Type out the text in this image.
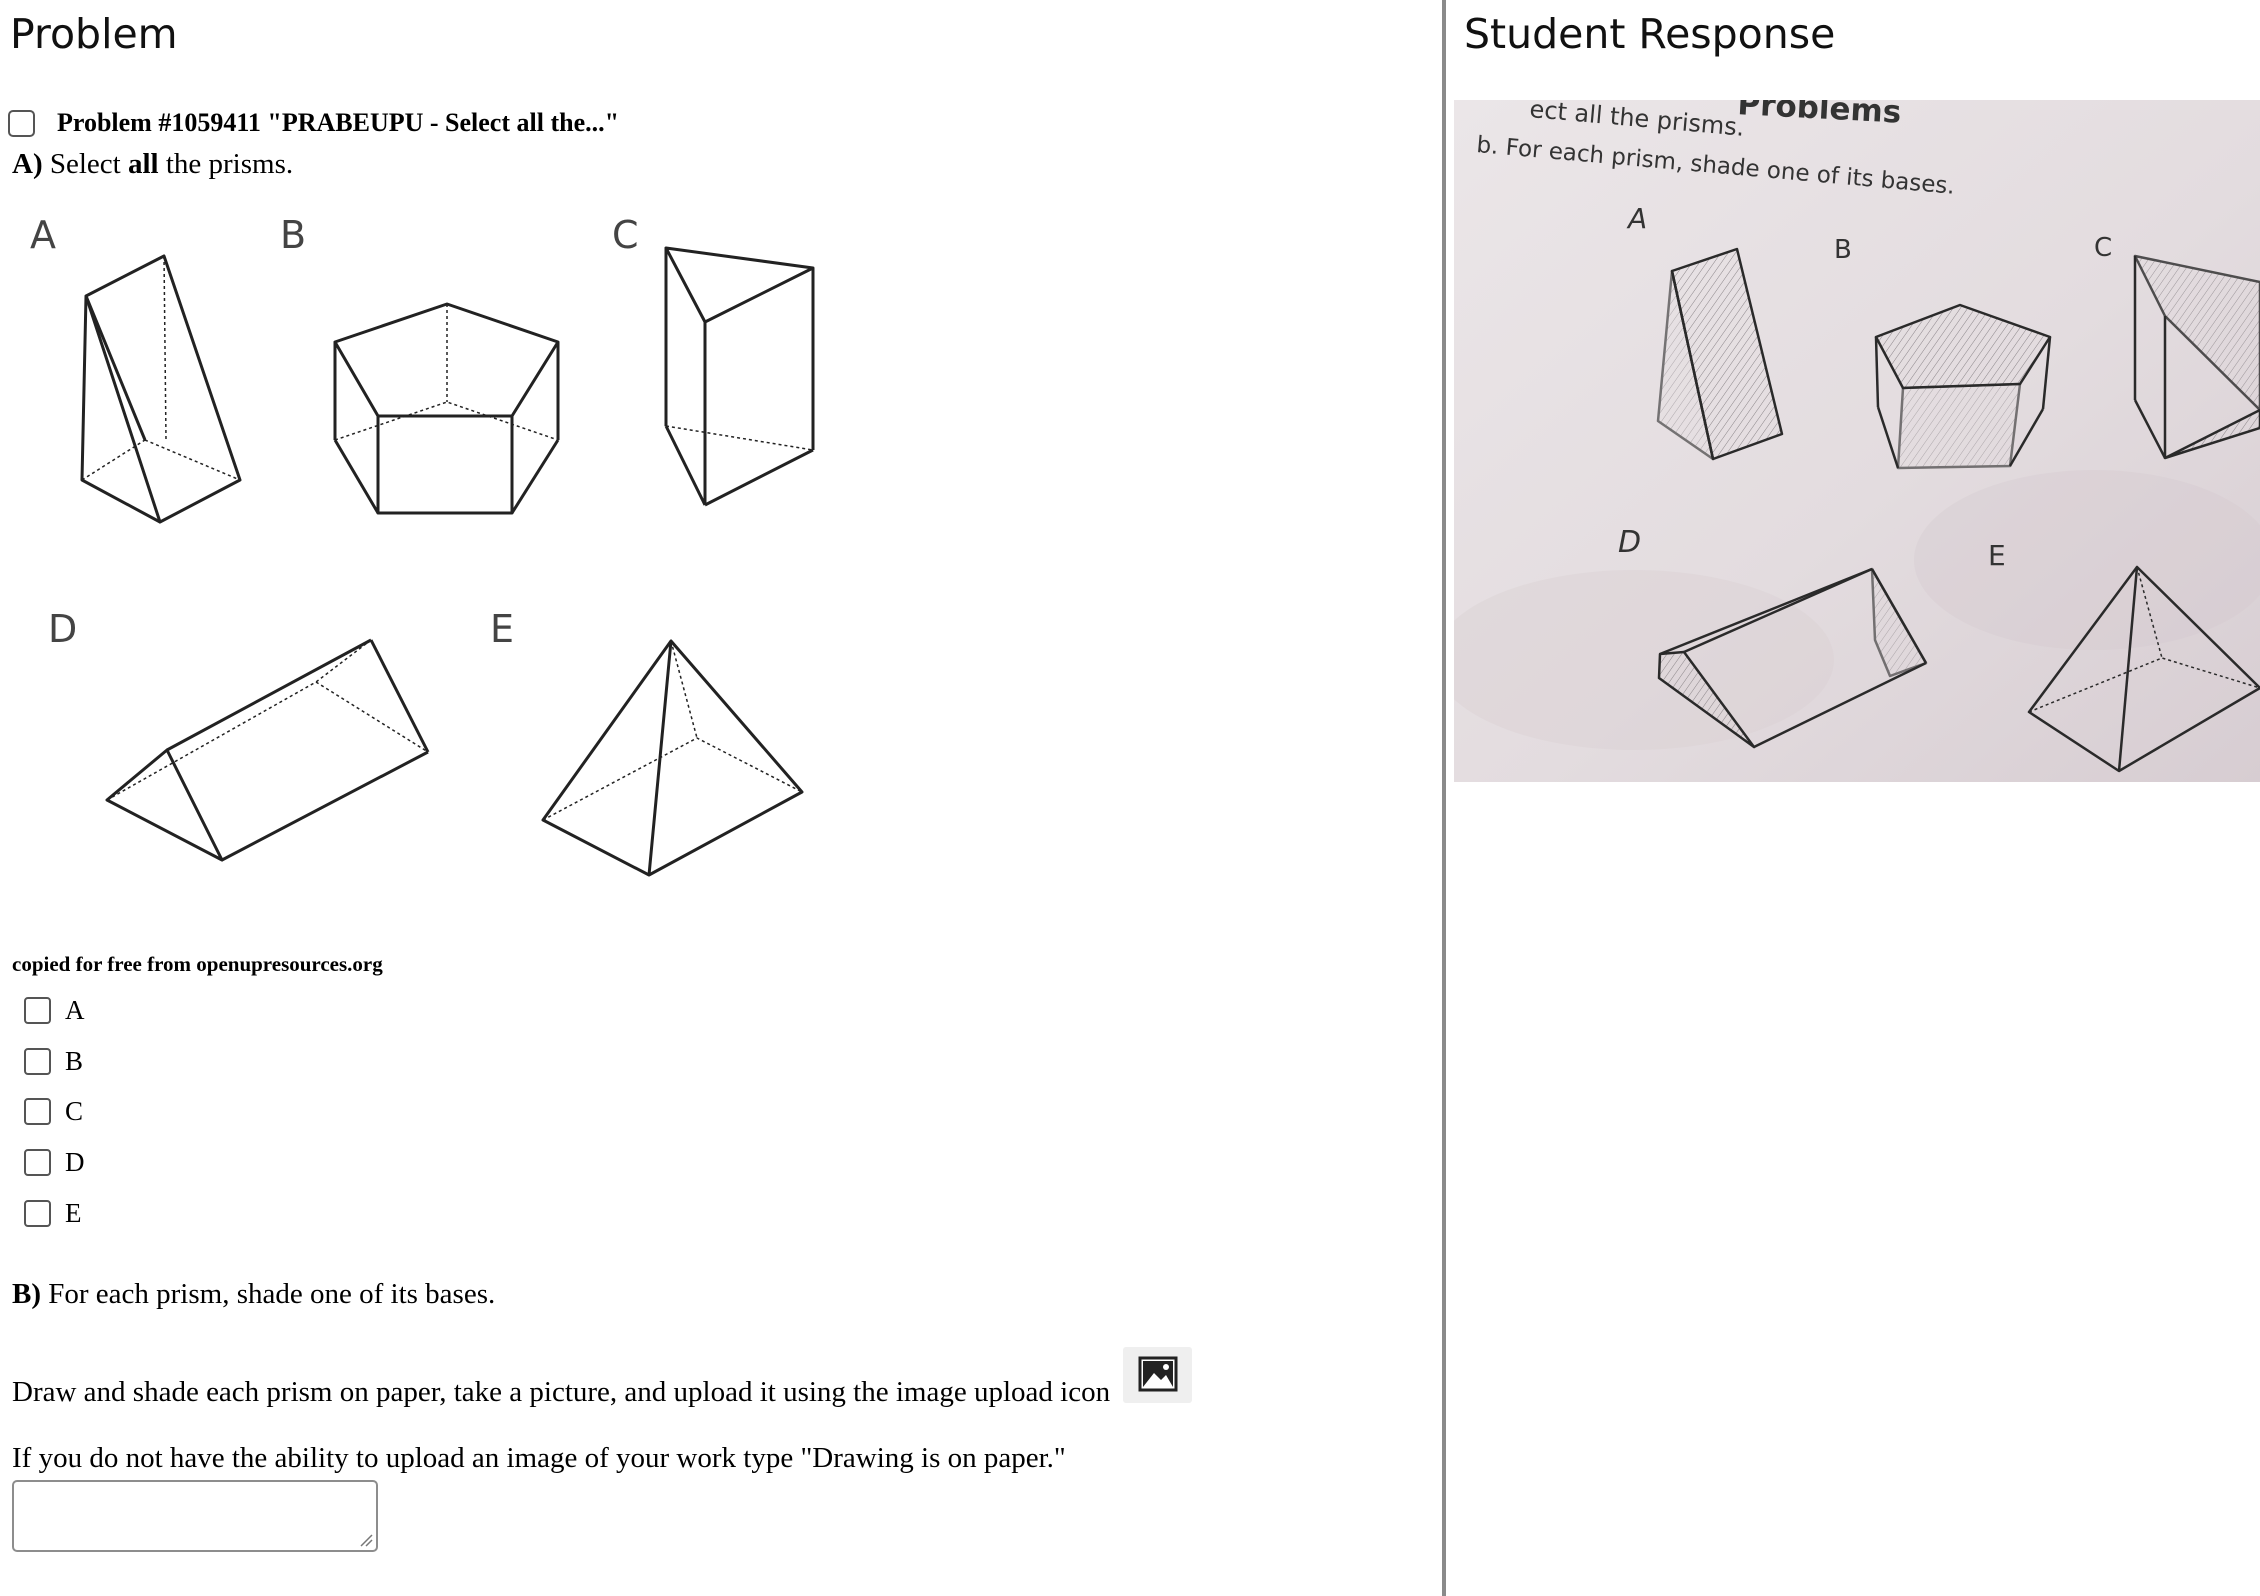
Problem
Problem #1059411 "PRABEUPU - Select all the..."
A) Select all the prisms.
A	B	C
D	E
copied for free from openupresources.org
A
B
C
D
E
B) For each prism, shade one of its bases.
Draw and shade each prism on paper, take a picture, and upload it using the image upload icon
If you do not have the ability to upload an image of your work type "Drawing is on paper."
Student Response
Problems
ect all the prisms.
b. For each prism, shade one of its bases.
A
B	C
D	E
